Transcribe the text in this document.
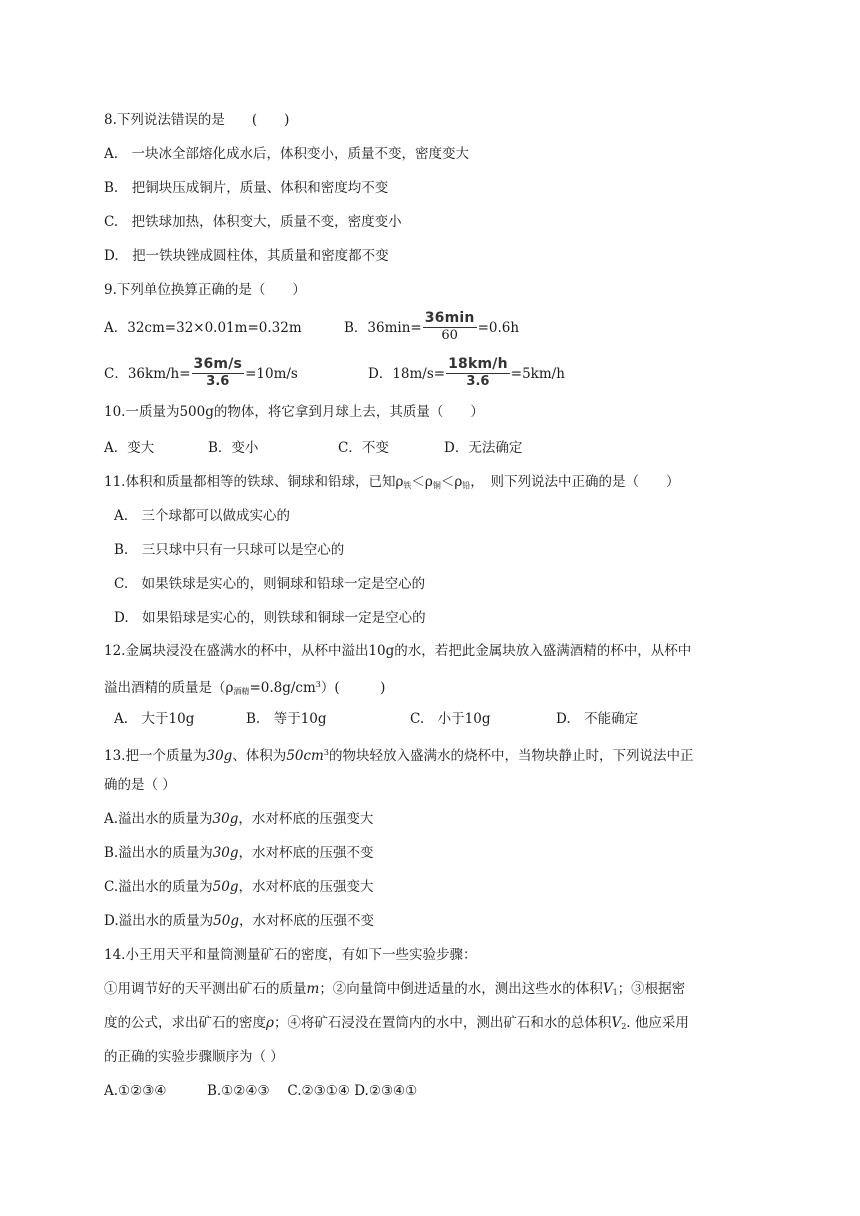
8.下列说法错误的是　　(　　)
A.　一块冰全部熔化成水后，体积变小，质量不变，密度变大
B.　把铜块压成铜片，质量、体积和密度均不变
C.　把铁球加热，体积变大，质量不变，密度变小
D.　把一铁块锉成圆柱体，其质量和密度都不变
9.下列单位换算正确的是（　　）
A．32cm=32×0.01m=0.32m	B．$36\min= \frac{36\min}{60} =0.6h$
C．$36km/h= \frac{36m/s}{3.6} =10m/s$	D．$18m/s= \frac{18km/h}{3.6} =5km/h$
10.一质量为500g的物体，将它拿到月球上去，其质量（　　）
A．变大	B．变小	C．不变	D．无法确定
11.体积和质量都相等的铁球、铜球和铅球，已知$\rho_铁<\rho_铜<\rho_铅$，　则下列说法中正确的是（　　）
A.　三个球都可以做成实心的
B.　三只球中只有一只球可以是空心的
C.　如果铁球是实心的，则铜球和铅球一定是空心的
D.　如果铅球是实心的，则铁球和铜球一定是空心的
12.金属块浸没在盛满水的杯中，从杯中溢出10g的水，若把此金属块放入盛满酒精的杯中，从杯中
溢出酒精的质量是$(\rho_{酒精}=0.8g/cm^3)$(　　　)
A.　大于10g	B.　等于10g	C.　小于10g	D.　不能确定
13.把一个质量为30g、体积为$50cm^3$的物块轻放入盛满水的烧杯中，当物块静止时，下列说法中正
确的是（ ）
A.溢出水的质量为30g，水对杯底的压强变大
B.溢出水的质量为30g，水对杯底的压强不变
C.溢出水的质量为50g，水对杯底的压强变大
D.溢出水的质量为50g，水对杯底的压强不变
14.小王用天平和量筒测量矿石的密度，有如下一些实验步骤：
①用调节好的天平测出矿石的质量m；②向量筒中倒进适量的水，测出这些水的体积$V_1$；③根据密
度的公式，求出矿石的密度ρ；④将矿石浸没在置筒内的水中，测出矿石和水的总体积$V_2$. 他应采用
的正确的实验步骤顺序为（ ）
A.①②③④　　　B.①②④③　 C.②③①④ D.②③④①
